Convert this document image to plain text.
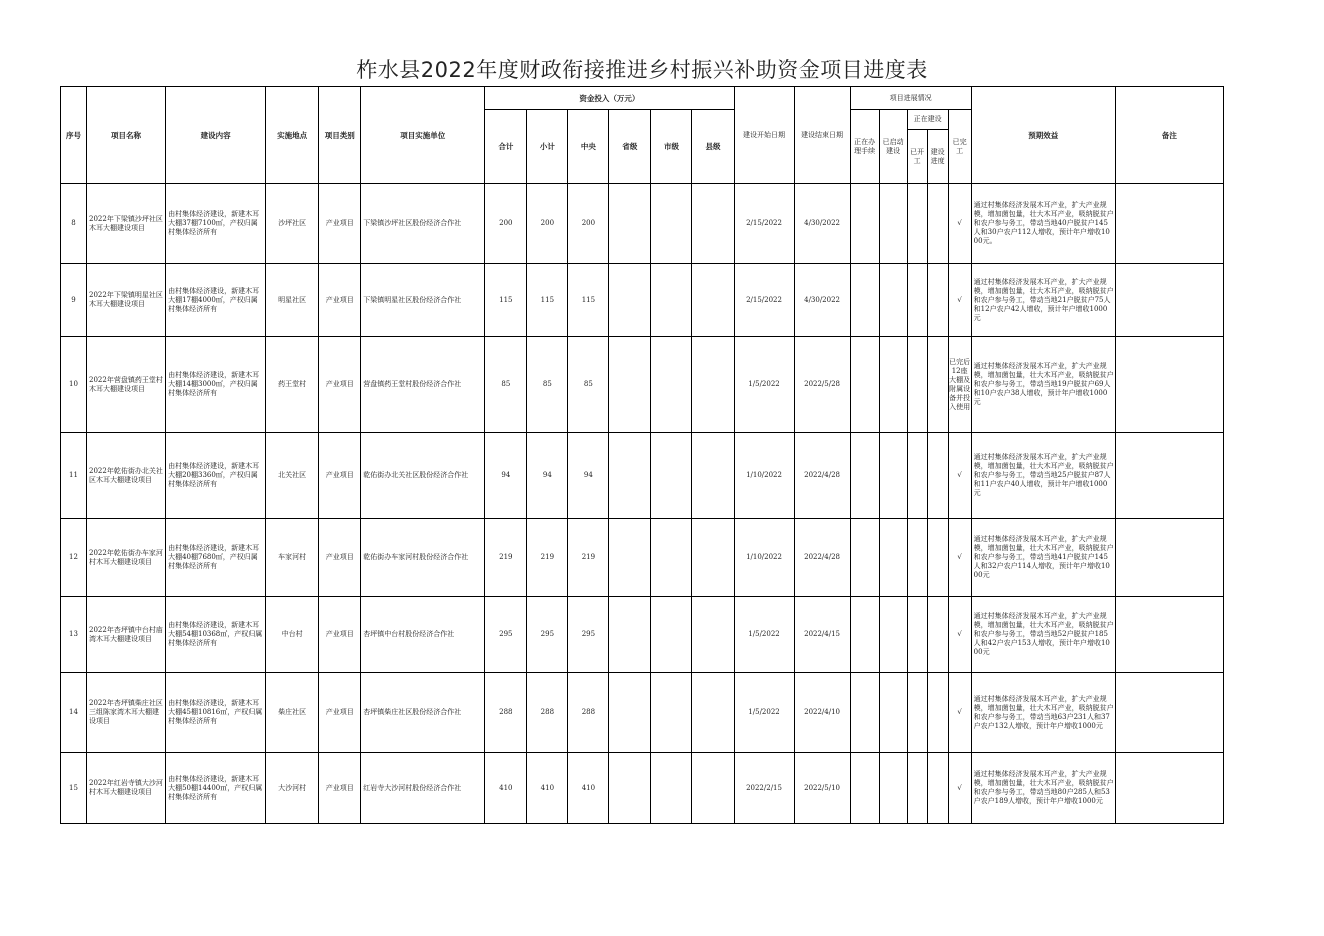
柞水县2022年度财政衔接推进乡村振兴补助资金项目进度表
序号	项目名称	建设内容	实施地点	项目类别	项目实施单位	资金投入（万元）						建设开始日期	建设结束日期	项目进展情况					预期效益	备注
						合计	小计	中央	省级	市级	县级			正在办理手续	已启动建设	正在建设		已完工		
																已开工	建设进度			
8	2022年下梁镇沙坪社区木耳大棚建设项目	由村集体经济建设，新建木耳大棚37棚7100㎡，产权归属村集体经济所有	沙坪社区	产业项目	下梁镇沙坪社区股份经济合作社	200	200	200				2/15/2022	4/30/2022					√	通过村集体经济发展木耳产业，扩大产业规模，增加菌包量，壮大木耳产业，吸纳脱贫户和农户参与务工，带动当地40户脱贫户145人和30户农户112人增收，预计年户增收1000元。	
9	2022年下梁镇明星社区木耳大棚建设项目	由村集体经济建设，新建木耳大棚17棚4000㎡，产权归属村集体经济所有	明星社区	产业项目	下梁镇明星社区股份经济合作社	115	115	115				2/15/2022	4/30/2022					√	通过村集体经济发展木耳产业，扩大产业规模，增加菌包量，壮大木耳产业，吸纳脱贫户和农户参与务工，带动当地21户脱贫户75人和12户农户42人增收，预计年户增收1000元	
10	2022年营盘镇药王堂村木耳大棚建设项目	由村集体经济建设，新建木耳大棚14棚3000㎡，产权归属村集体经济所有	药王堂村	产业项目	营盘镇药王堂村股份经济合作社	85	85	85				1/5/2022	2022/5/28					已完后12座大棚及附属设备并投入使用	通过村集体经济发展木耳产业，扩大产业规模，增加菌包量，壮大木耳产业，吸纳脱贫户和农户参与务工，带动当地19户脱贫户69人和10户农户38人增收，预计年户增收1000元	
11	2022年乾佑街办北关社区木耳大棚建设项目	由村集体经济建设，新建木耳大棚20棚3360㎡，产权归属村集体经济所有	北关社区	产业项目	乾佑街办北关社区股份经济合作社	94	94	94				1/10/2022	2022/4/28					√	通过村集体经济发展木耳产业，扩大产业规模，增加菌包量，壮大木耳产业，吸纳脱贫户和农户参与务工，带动当地25户脱贫户87人和11户农户40人增收，预计年户增收1000元	
12	2022年乾佑街办车家河村木耳大棚建设项目	由村集体经济建设，新建木耳大棚40棚7680㎡，产权归属村集体经济所有	车家河村	产业项目	乾佑街办车家河村股份经济合作社	219	219	219				1/10/2022	2022/4/28					√	通过村集体经济发展木耳产业，扩大产业规模，增加菌包量，壮大木耳产业，吸纳脱贫户和农户参与务工，带动当地41户脱贫户145人和32户农户114人增收，预计年户增收1000元	
13	2022年杏坪镇中台村庙湾木耳大棚建设项目	由村集体经济建设，新建木耳大棚54棚10368㎡，产权归属村集体经济所有	中台村	产业项目	杏坪镇中台村股份经济合作社	295	295	295				1/5/2022	2022/4/15					√	通过村集体经济发展木耳产业，扩大产业规模，增加菌包量，壮大木耳产业，吸纳脱贫户和农户参与务工，带动当地52户脱贫户185人和42户农户153人增收，预计年户增收1000元	
14	2022年杏坪镇柴庄社区三组陈家湾木耳大棚建设项目	由村集体经济建设，新建木耳大棚45棚10816㎡，产权归属村集体经济所有	柴庄社区	产业项目	杏坪镇柴庄社区股份经济合作社	288	288	288				1/5/2022	2022/4/10					√	通过村集体经济发展木耳产业，扩大产业规模，增加菌包量，壮大木耳产业，吸纳脱贫户和农户参与务工，带动当地63户231人和37户农户132人增收，预计年户增收1000元	
15	2022年红岩寺镇大沙河村木耳大棚建设项目	由村集体经济建设，新建木耳大棚50棚14400㎡，产权归属村集体经济所有	大沙河村	产业项目	红岩寺大沙河村股份经济合作社	410	410	410				2022/2/15	2022/5/10					√	通过村集体经济发展木耳产业，扩大产业规模，增加菌包量，壮大木耳产业，吸纳脱贫户和农户参与务工，带动当地80户285人和53户农户189人增收，预计年户增收1000元	
